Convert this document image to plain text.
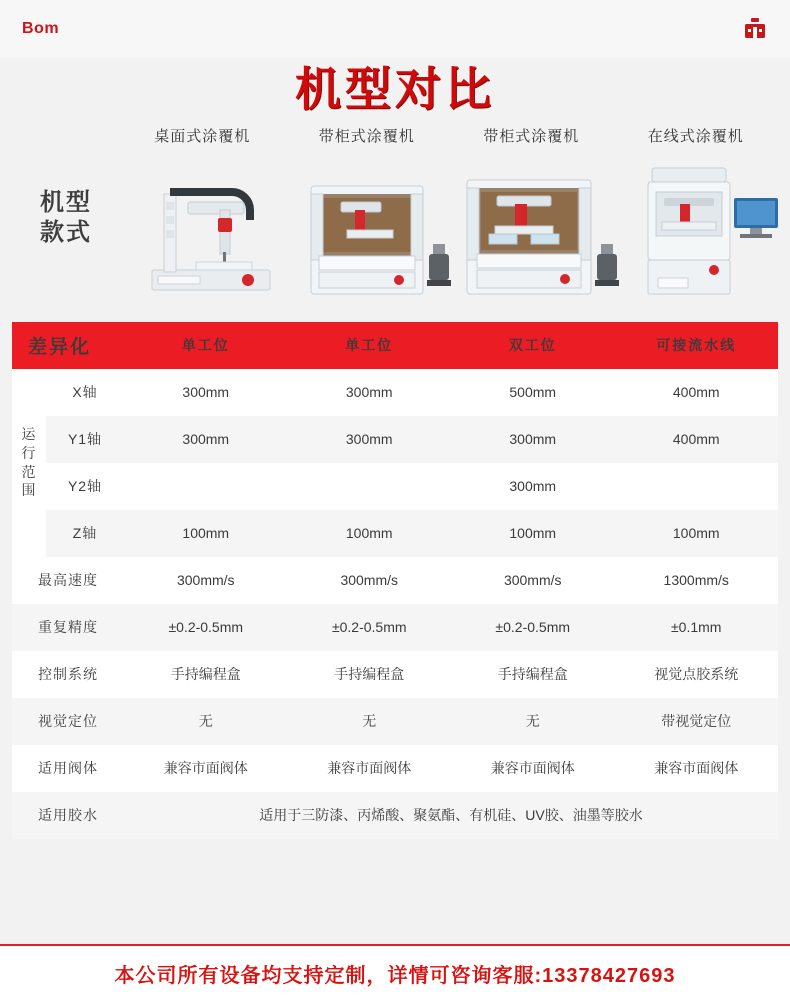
Bom
机型对比
机型
款式
桌面式涂覆机	带柜式涂覆机	带柜式涂覆机	在线式涂覆机
差异化		单工位	单工位	双工位	可接流水线
运
行
范
围	X轴	300mm	300mm	500mm	400mm
	Y1轴	300mm	300mm	300mm	400mm
	Y2轴			300mm	
	Z轴	100mm	100mm	100mm	100mm
最高速度		300mm/s	300mm/s	300mm/s	1300mm/s
重复精度		±0.2-0.5mm	±0.2-0.5mm	±0.2-0.5mm	±0.1mm
控制系统		手持编程盒	手持编程盒	手持编程盒	视觉点胶系统
视觉定位		无	无	无	带视觉定位
适用阀体		兼容市面阀体	兼容市面阀体	兼容市面阀体	兼容市面阀体
适用胶水		适用于三防漆、丙烯酸、聚氨酯、有机硅、UV胶、油墨等胶水			
本公司所有设备均支持定制，详情可咨询客服:13378427693
